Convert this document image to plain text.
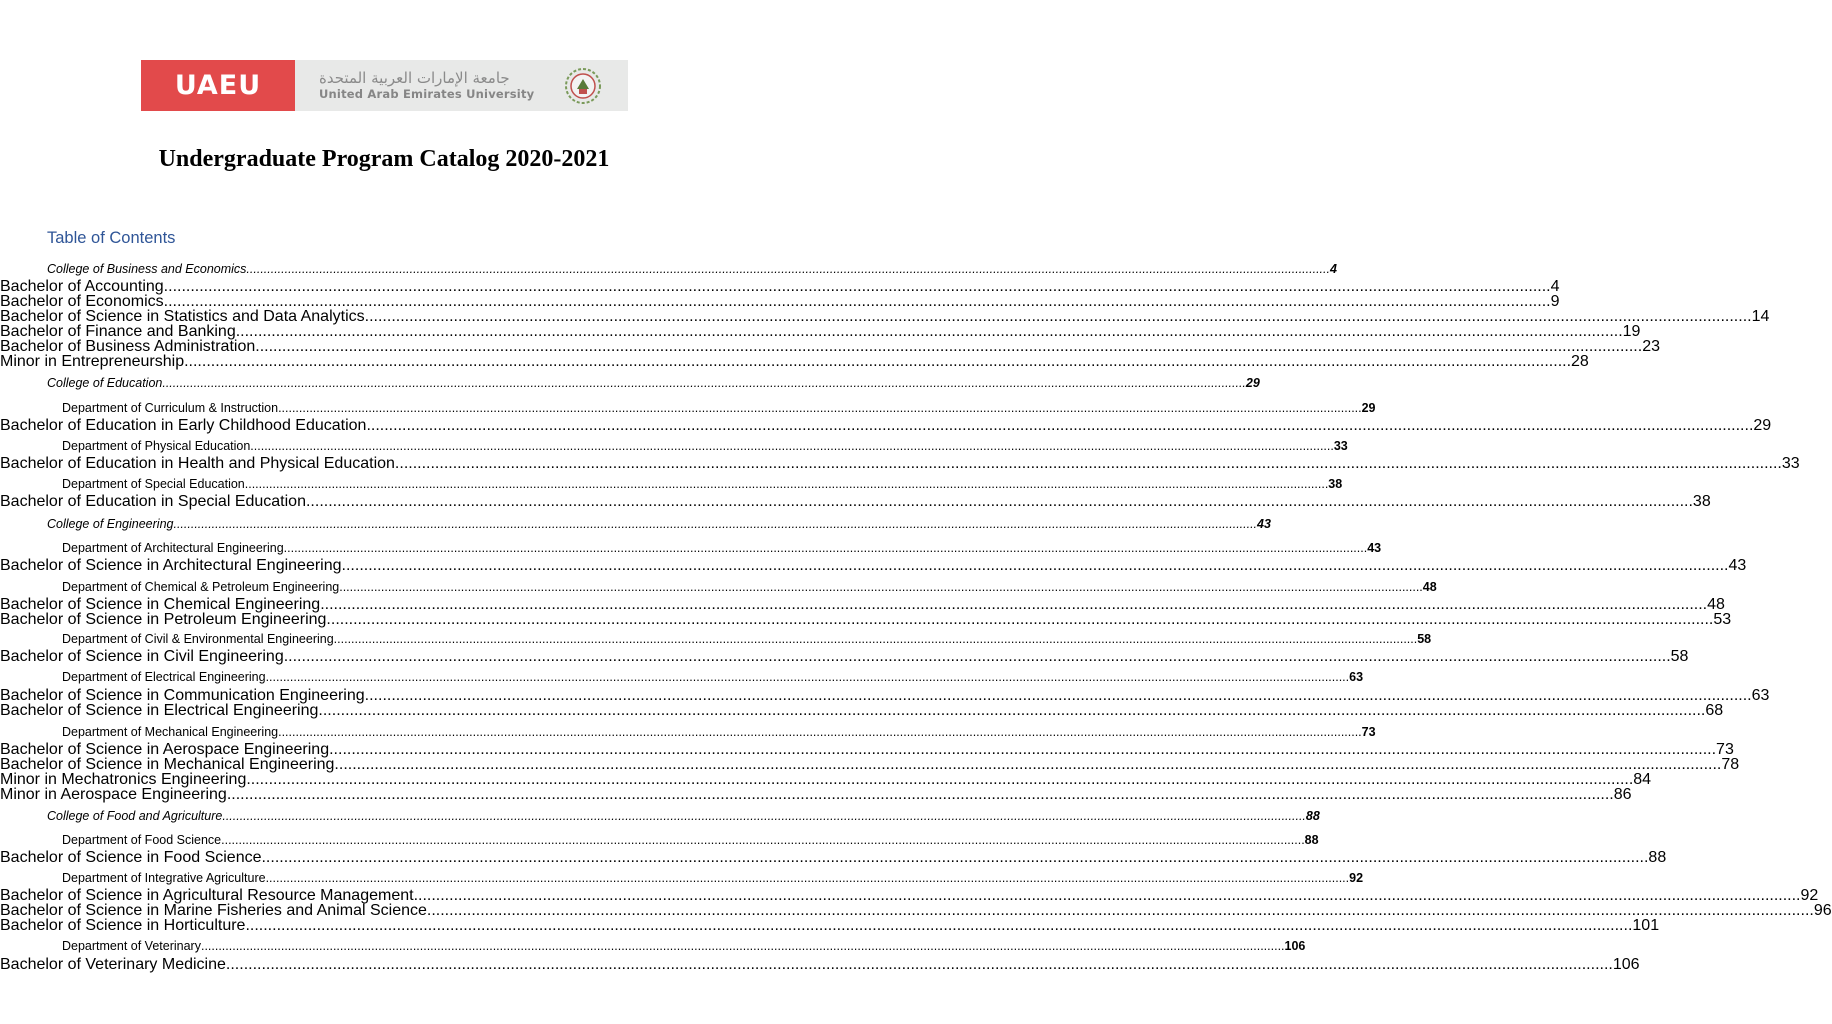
UAEU	جامعة الإمارات العربية المتحدة
United Arab Emirates University
Undergraduate Program Catalog 2020-2021
Table of Contents
College of Business and Economics .....	4
Bachelor of Accounting .....	4
Bachelor of Economics .....	9
Bachelor of Science in Statistics and Data Analytics .....	14
Bachelor of Finance and Banking .....	19
Bachelor of Business Administration .....	23
Minor in Entrepreneurship .....	28
College of Education .....	29
Department of Curriculum & Instruction .....	29
Bachelor of Education in Early Childhood Education .....	29
Department of Physical Education .....	33
Bachelor of Education in Health and Physical Education .....	33
Department of Special Education .....	38
Bachelor of Education in Special Education .....	38
College of Engineering .....	43
Department of Architectural Engineering .....	43
Bachelor of Science in Architectural Engineering .....	43
Department of Chemical & Petroleum Engineering .....	48
Bachelor of Science in Chemical Engineering .....	48
Bachelor of Science in Petroleum Engineering .....	53
Department of Civil & Environmental Engineering .....	58
Bachelor of Science in Civil Engineering .....	58
Department of Electrical Engineering .....	63
Bachelor of Science in Communication Engineering .....	63
Bachelor of Science in Electrical Engineering .....	68
Department of Mechanical Engineering .....	73
Bachelor of Science in Aerospace Engineering .....	73
Bachelor of Science in Mechanical Engineering .....	78
Minor in Mechatronics Engineering .....	84
Minor in Aerospace Engineering .....	86
College of Food and Agriculture .....	88
Department of Food Science .....	88
Bachelor of Science in Food Science .....	88
Department of Integrative Agriculture .....	92
Bachelor of Science in Agricultural Resource Management .....	92
Bachelor of Science in Marine Fisheries and Animal Science .....	96
Bachelor of Science in Horticulture .....	101
Department of Veterinary .....	106
Bachelor of Veterinary Medicine .....	106
